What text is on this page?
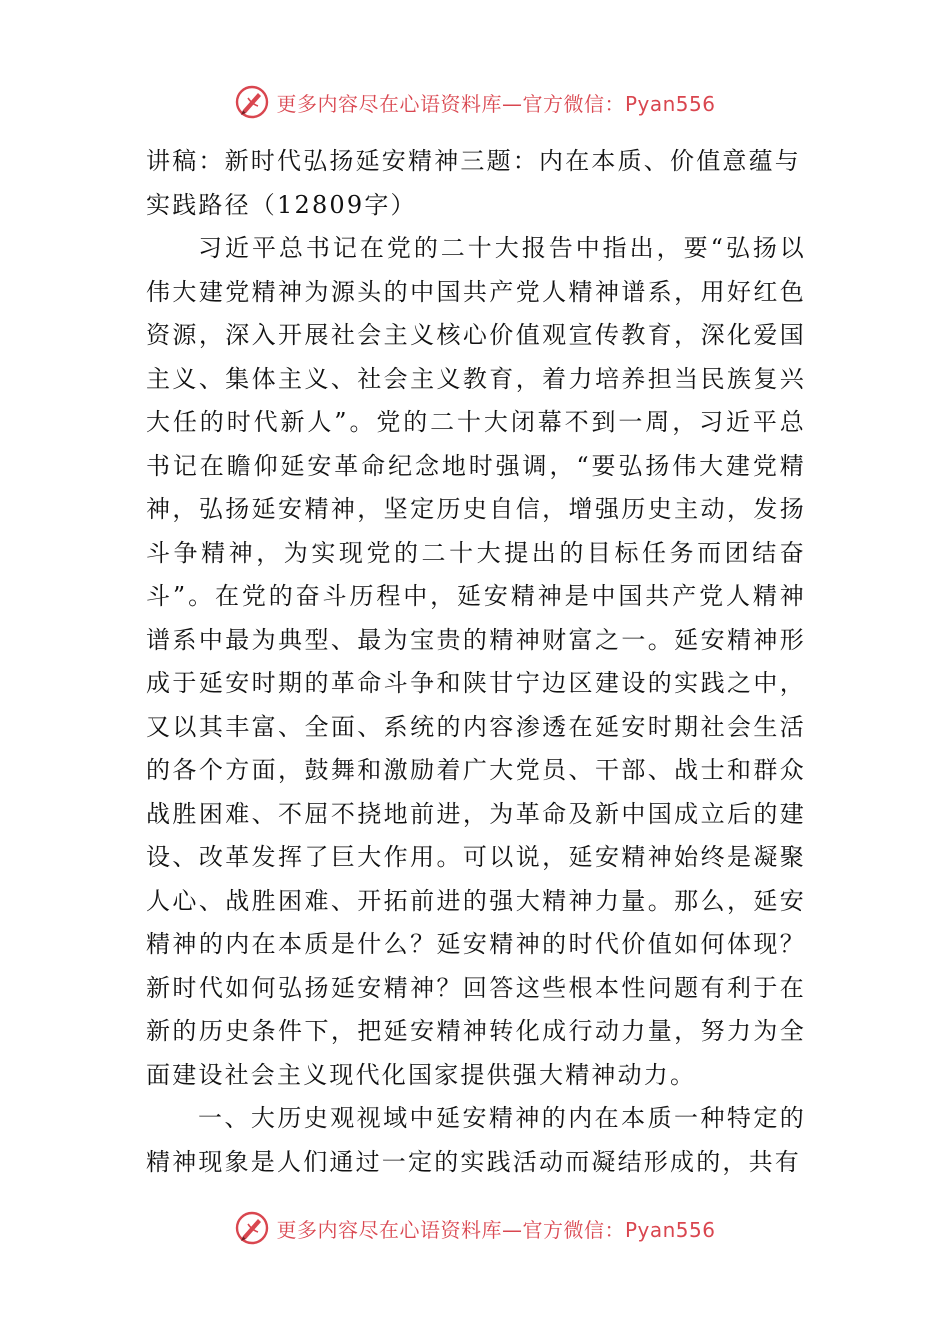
更多内容尽在心语资料库—官方微信：Pyan556
讲稿：新时代弘扬延安精神三题：内在本质、价值意蕴与实践路径（12809字）

习近平总书记在党的二十大报告中指出，要“弘扬以伟大建党精神为源头的中国共产党人精神谱系，用好红色资源，深入开展社会主义核心价值观宣传教育，深化爱国主义、集体主义、社会主义教育，着力培养担当民族复兴大任的时代新人”。党的二十大闭幕不到一周，习近平总书记在瞻仰延安革命纪念地时强调，“要弘扬伟大建党精神，弘扬延安精神，坚定历史自信，增强历史主动，发扬斗争精神，为实现党的二十大提出的目标任务而团结奋斗”。在党的奋斗历程中，延安精神是中国共产党人精神谱系中最为典型、最为宝贵的精神财富之一。延安精神形成于延安时期的革命斗争和陕甘宁边区建设的实践之中，又以其丰富、全面、系统的内容渗透在延安时期社会生活的各个方面，鼓舞和激励着广大党员、干部、战士和群众战胜困难、不屈不挠地前进，为革命及新中国成立后的建设、改革发挥了巨大作用。可以说，延安精神始终是凝聚人心、战胜困难、开拓前进的强大精神力量。那么，延安精神的内在本质是什么？延安精神的时代价值如何体现？新时代如何弘扬延安精神？回答这些根本性问题有利于在新的历史条件下，把延安精神转化成行动力量，努力为全面建设社会主义现代化国家提供强大精神动力。

一、大历史观视域中延安精神的内在本质一种特定的精神现象是人们通过一定的实践活动而凝结形成的，共有

更多内容尽在心语资料库—官方微信：Pyan556
